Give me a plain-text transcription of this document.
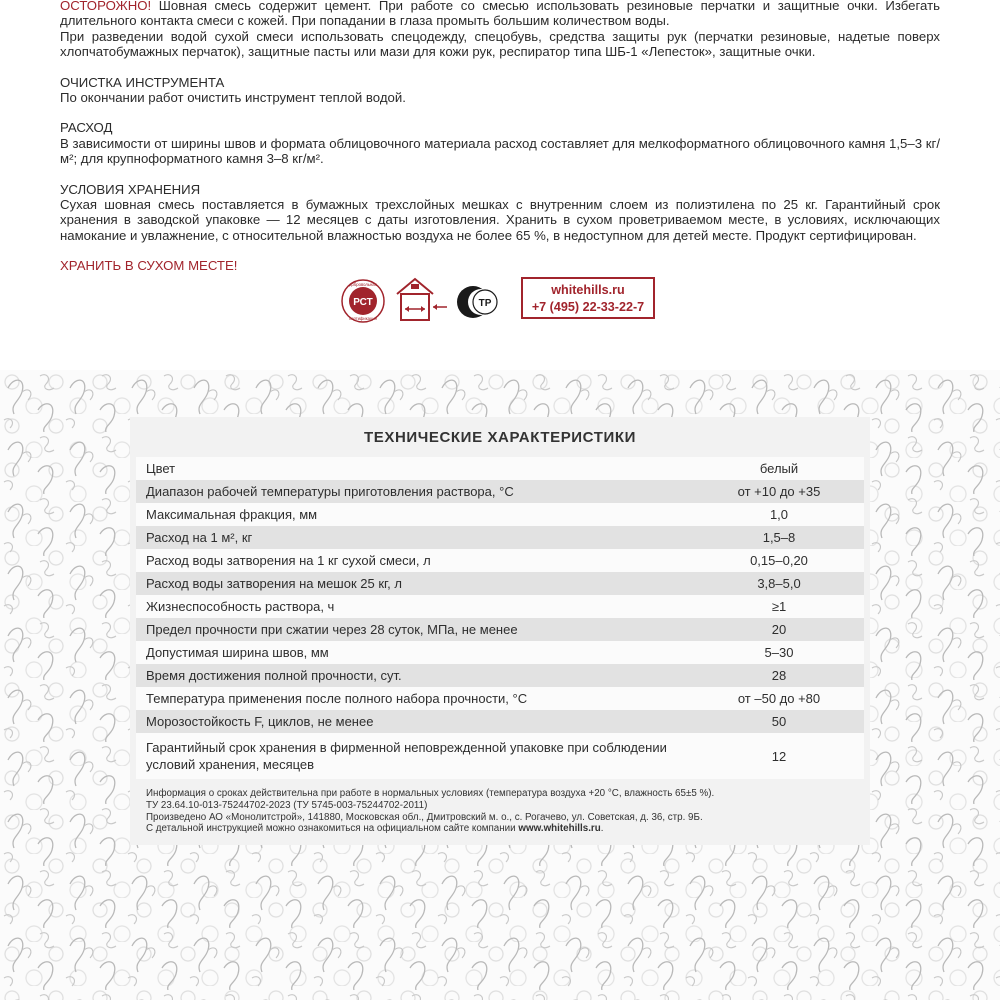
ОСТОРОЖНО! Шовная смесь содержит цемент. При работе со смесью использовать резиновые перчатки и защитные очки. Избегать длительного контакта смеси с кожей. При попадании в глаза промыть большим количеством воды.

При разведении водой сухой смеси использовать спецодежду, спецобувь, средства защиты рук (перчатки резиновые, надетые поверх хлопчатобумажных перчаток), защитные пасты или мази для кожи рук, респиратор типа ШБ-1 «Лепесток», защитные очки.

ОЧИСТКА ИНСТРУМЕНТА

По окончании работ очистить инструмент теплой водой.

РАСХОД

В зависимости от ширины швов и формата облицовочного материала расход составляет для мелкоформатного облицовочного камня 1,5–3 кг/м²; для крупноформатного камня 3–8 кг/м².

УСЛОВИЯ ХРАНЕНИЯ

Сухая шовная смесь поставляется в бумажных трехслойных мешках с внутренним слоем из полиэтилена по 25 кг. Гарантийный срок хранения в заводской упаковке — 12 месяцев с даты изготовления. Хранить в сухом проветриваемом месте, в условиях, исключающих намокание и увлажнение, с относительной влажностью воздуха не более 65 %, в недоступном для детей месте. Продукт сертифицирован.

ХРАНИТЬ В СУХОМ МЕСТЕ!

РСТ
добровольная
сертификация
ТР
whitehills.ru
+7 (495) 22-33-22-7
ТЕХНИЧЕСКИЕ ХАРАКТЕРИСТИКИ
Цвет	белый
Диапазон рабочей температуры приготовления раствора, °С	от +10 до +35
Максимальная фракция, мм	1,0
Расход на 1 м², кг	1,5–8
Расход воды затворения на 1 кг сухой смеси, л	0,15–0,20
Расход воды затворения на мешок 25 кг, л	3,8–5,0
Жизнеспособность раствора, ч	≥1
Предел прочности при сжатии через 28 суток, МПа, не менее	20
Допустимая ширина швов, мм	5–30
Время достижения полной прочности, сут.	28
Температура применения после полного набора прочности, °С	от –50 до +80
Морозостойкость F, циклов, не менее	50
Гарантийный срок хранения в фирменной неповрежденной упаковке при соблюдении условий хранения, месяцев	12
Информация о сроках действительна при работе в нормальных условиях (температура воздуха +20 °С, влажность 65±5 %).
ТУ 23.64.10-013-75244702-2023 (ТУ 5745-003-75244702-2011)
Произведено АО «Монолитстрой», 141880, Московская обл., Дмитровский м. о., с. Рогачево, ул. Советская, д. 36, стр. 9Б.
С детальной инструкцией можно ознакомиться на официальном сайте компании www.whitehills.ru.
